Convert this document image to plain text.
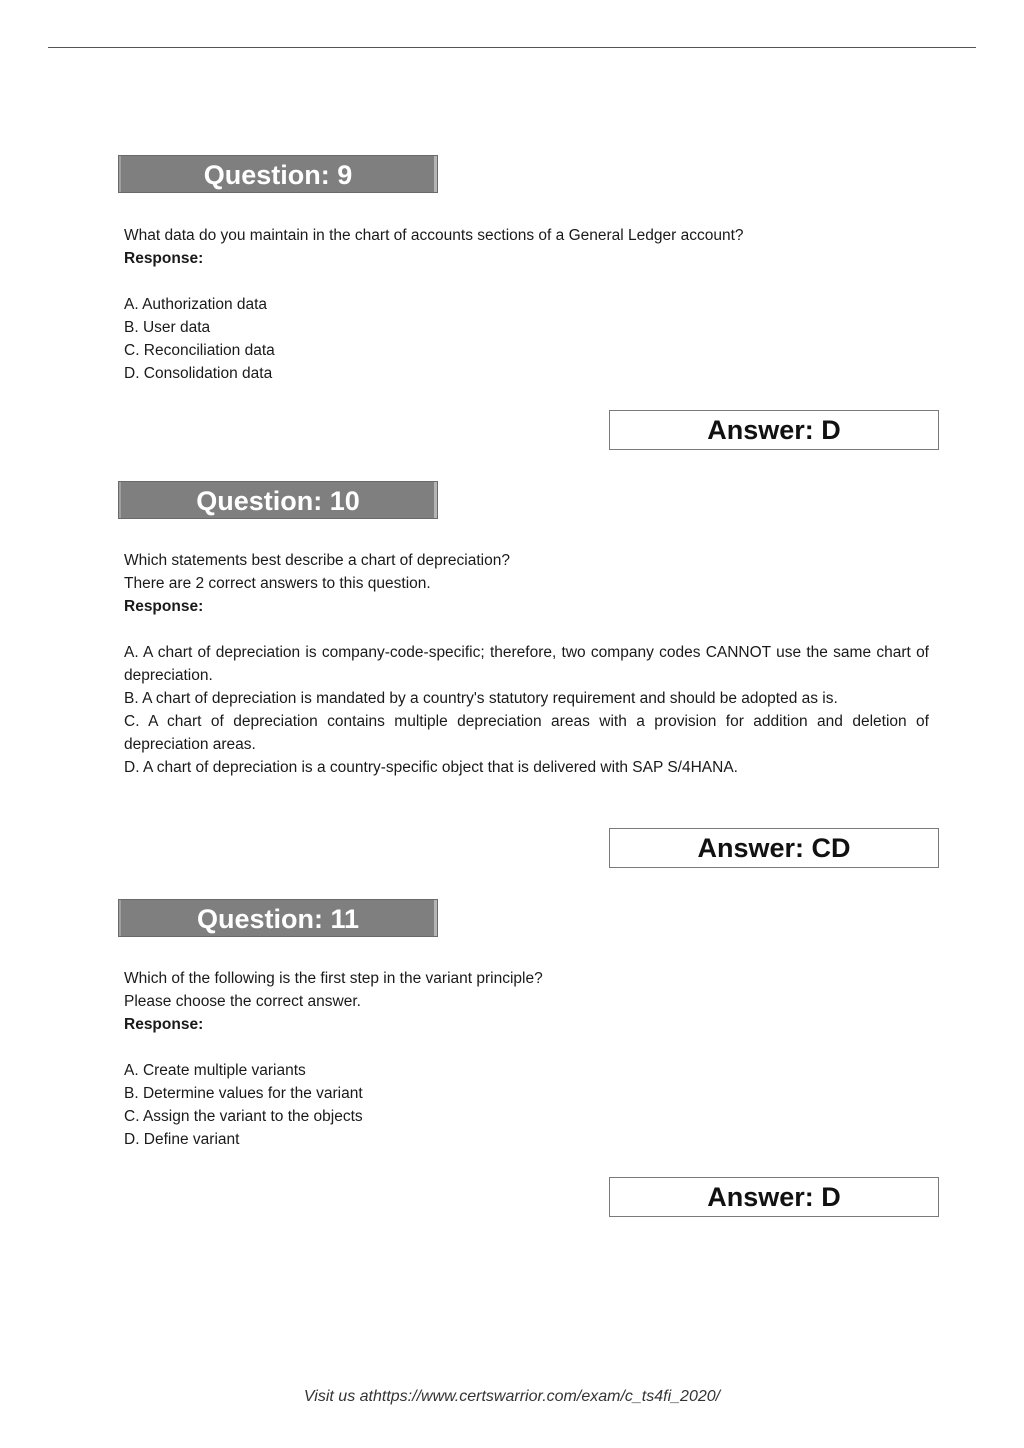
Question: 9

What data do you maintain in the chart of accounts sections of a General Ledger account?

Response:

A. Authorization data

B. User data

C. Reconciliation data

D. Consolidation data

Answer: D
Question: 10

Which statements best describe a chart of depreciation?

There are 2 correct answers to this question.

Response:

A. A chart of depreciation is company-code-specific; therefore, two company codes CANNOT use the same chart of depreciation.

B. A chart of depreciation is mandated by a country's statutory requirement and should be adopted as is.

C. A chart of depreciation contains multiple depreciation areas with a provision for addition and deletion of depreciation areas.

D. A chart of depreciation is a country-specific object that is delivered with SAP S/4HANA.

Answer: CD
Question: 11

Which of the following is the first step in the variant principle?

Please choose the correct answer.

Response:

A. Create multiple variants

B. Determine values for the variant

C. Assign the variant to the objects

D. Define variant

Answer: D
Visit us athttps://www.certswarrior.com/exam/c_ts4fi_2020/
